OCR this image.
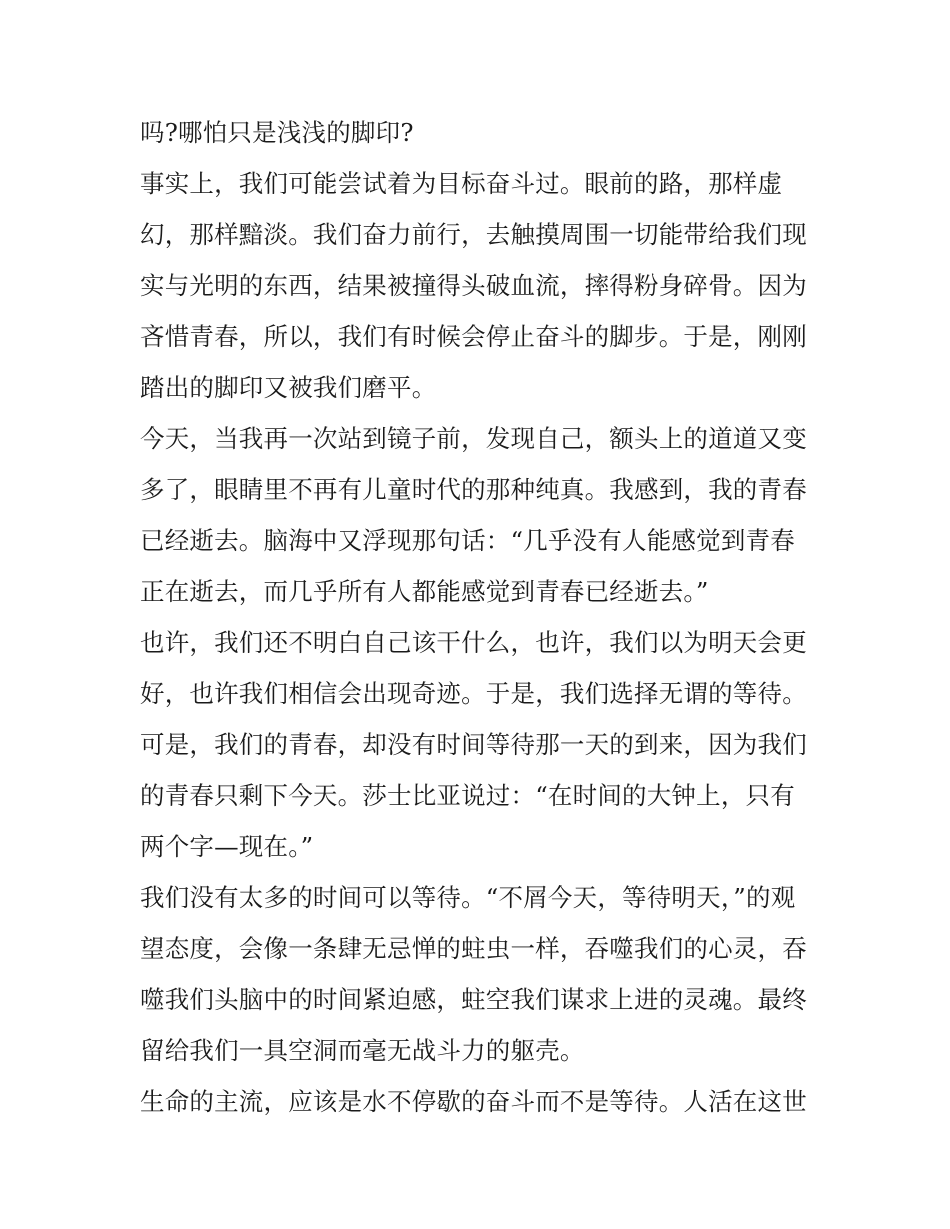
吗?哪怕只是浅浅的脚印?
事实上，我们可能尝试着为目标奋斗过。眼前的路，那样虚
幻，那样黯淡。我们奋力前行，去触摸周围一切能带给我们现
实与光明的东西，结果被撞得头破血流，摔得粉身碎骨。因为
吝惜青春，所以，我们有时候会停止奋斗的脚步。于是，刚刚
踏出的脚印又被我们磨平。
今天，当我再一次站到镜子前，发现自己，额头上的道道又变
多了，眼睛里不再有儿童时代的那种纯真。我感到，我的青春
已经逝去。脑海中又浮现那句话：“几乎没有人能感觉到青春
正在逝去，而几乎所有人都能感觉到青春已经逝去。”
也许，我们还不明白自己该干什么，也许，我们以为明天会更
好，也许我们相信会出现奇迹。于是，我们选择无谓的等待。
可是，我们的青春，却没有时间等待那一天的到来，因为我们
的青春只剩下今天。莎士比亚说过：“在时间的大钟上，只有
两个字—现在。”
我们没有太多的时间可以等待。“不屑今天，等待明天，”的观
望态度，会像一条肆无忌惮的蛀虫一样，吞噬我们的心灵，吞
噬我们头脑中的时间紧迫感，蛀空我们谋求上进的灵魂。最终
留给我们一具空洞而毫无战斗力的躯壳。
生命的主流，应该是水不停歇的奋斗而不是等待。人活在这世
